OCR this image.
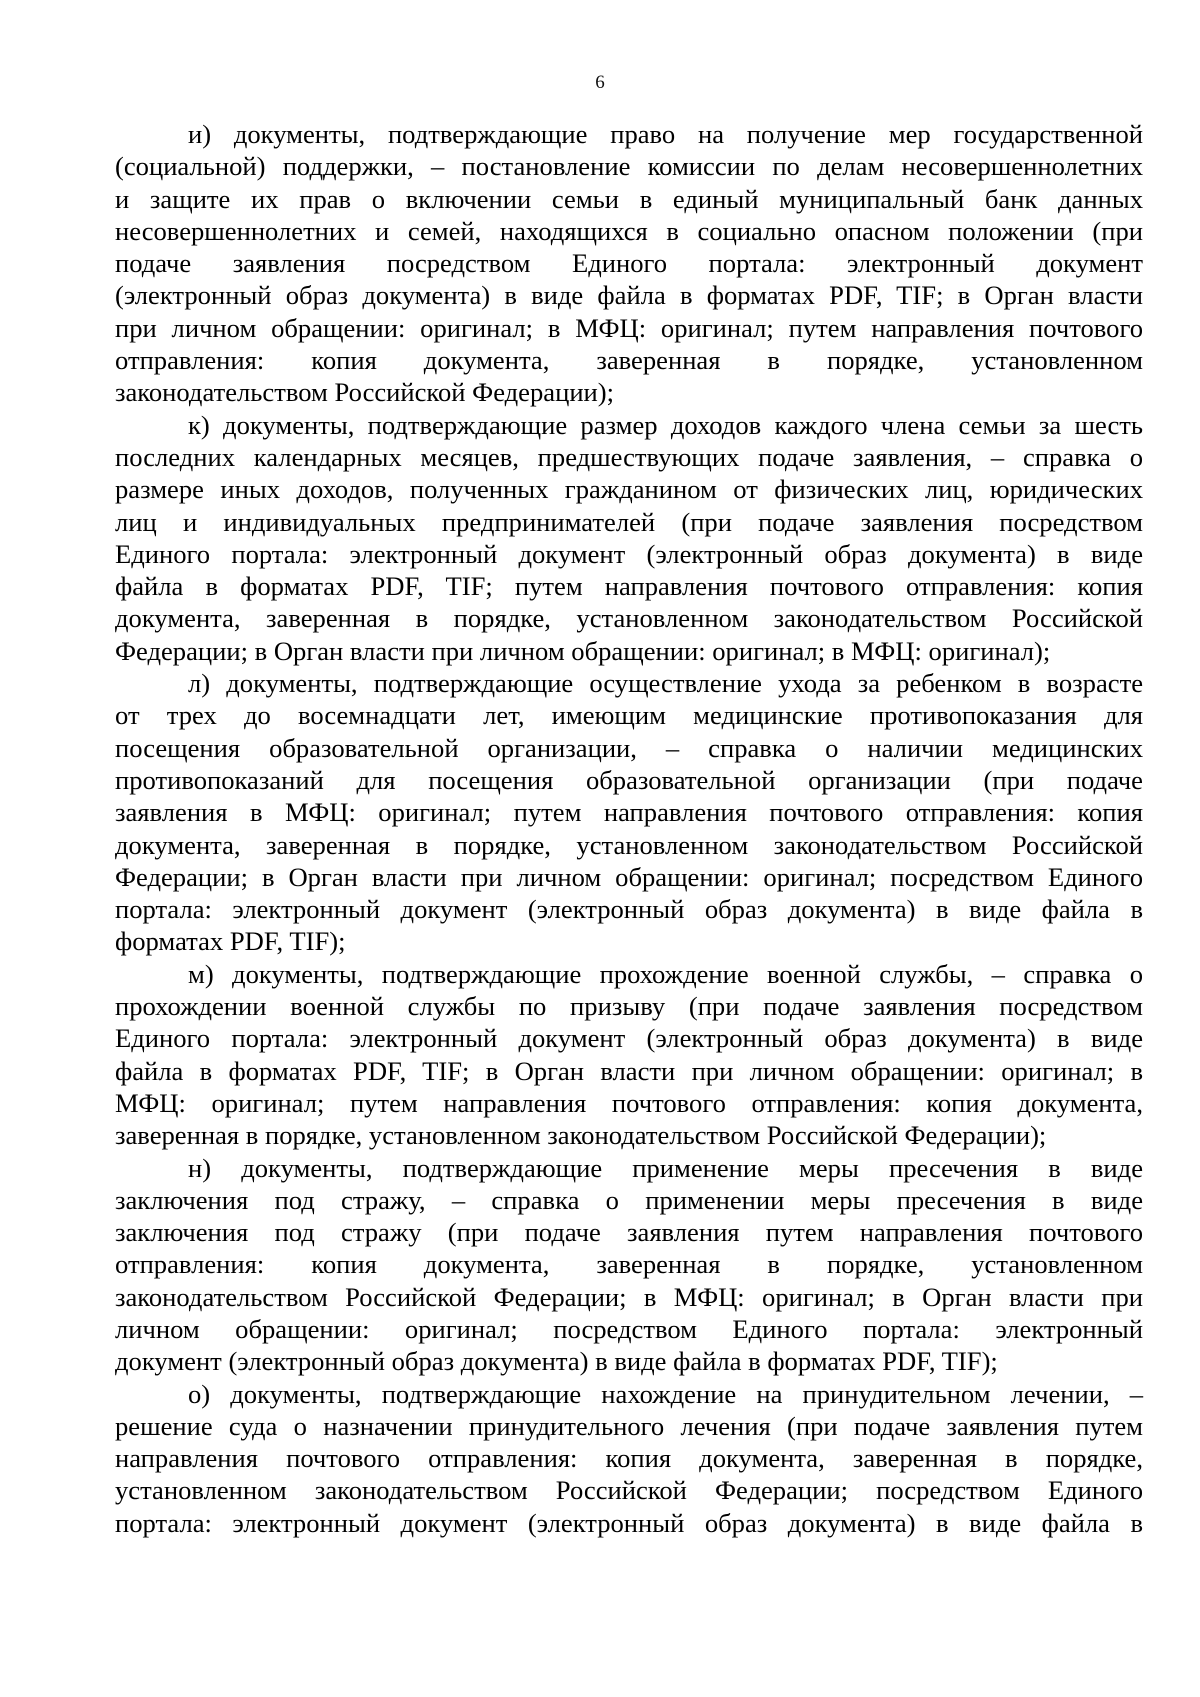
6
и) документы, подтверждающие право на получение мер государственной
(социальной) поддержки, – постановление комиссии по делам несовершеннолетних
и защите их прав о включении семьи в единый муниципальный банк данных
несовершеннолетних и семей, находящихся в социально опасном положении (при
подаче заявления посредством Единого портала: электронный документ
(электронный образ документа) в виде файла в форматах PDF, TIF; в Орган власти
при личном обращении: оригинал; в МФЦ: оригинал; путем направления почтового
отправления: копия документа, заверенная в порядке, установленном
законодательством Российской Федерации);
к) документы, подтверждающие размер доходов каждого члена семьи за шесть
последних календарных месяцев, предшествующих подаче заявления, – справка о
размере иных доходов, полученных гражданином от физических лиц, юридических
лиц и индивидуальных предпринимателей (при подаче заявления посредством
Единого портала: электронный документ (электронный образ документа) в виде
файла в форматах PDF, TIF; путем направления почтового отправления: копия
документа, заверенная в порядке, установленном законодательством Российской
Федерации; в Орган власти при личном обращении: оригинал; в МФЦ: оригинал);
л) документы, подтверждающие осуществление ухода за ребенком в возрасте
от трех до восемнадцати лет, имеющим медицинские противопоказания для
посещения образовательной организации, – справка о наличии медицинских
противопоказаний для посещения образовательной организации (при подаче
заявления в МФЦ: оригинал; путем направления почтового отправления: копия
документа, заверенная в порядке, установленном законодательством Российской
Федерации; в Орган власти при личном обращении: оригинал; посредством Единого
портала: электронный документ (электронный образ документа) в виде файла в
форматах PDF, TIF);
м) документы, подтверждающие прохождение военной службы, – справка о
прохождении военной службы по призыву (при подаче заявления посредством
Единого портала: электронный документ (электронный образ документа) в виде
файла в форматах PDF, TIF; в Орган власти при личном обращении: оригинал; в
МФЦ: оригинал; путем направления почтового отправления: копия документа,
заверенная в порядке, установленном законодательством Российской Федерации);
н) документы, подтверждающие применение меры пресечения в виде
заключения под стражу, – справка о применении меры пресечения в виде
заключения под стражу (при подаче заявления путем направления почтового
отправления: копия документа, заверенная в порядке, установленном
законодательством Российской Федерации; в МФЦ: оригинал; в Орган власти при
личном обращении: оригинал; посредством Единого портала: электронный
документ (электронный образ документа) в виде файла в форматах PDF, TIF);
о) документы, подтверждающие нахождение на принудительном лечении, –
решение суда о назначении принудительного лечения (при подаче заявления путем
направления почтового отправления: копия документа, заверенная в порядке,
установленном законодательством Российской Федерации; посредством Единого
портала: электронный документ (электронный образ документа) в виде файла в
